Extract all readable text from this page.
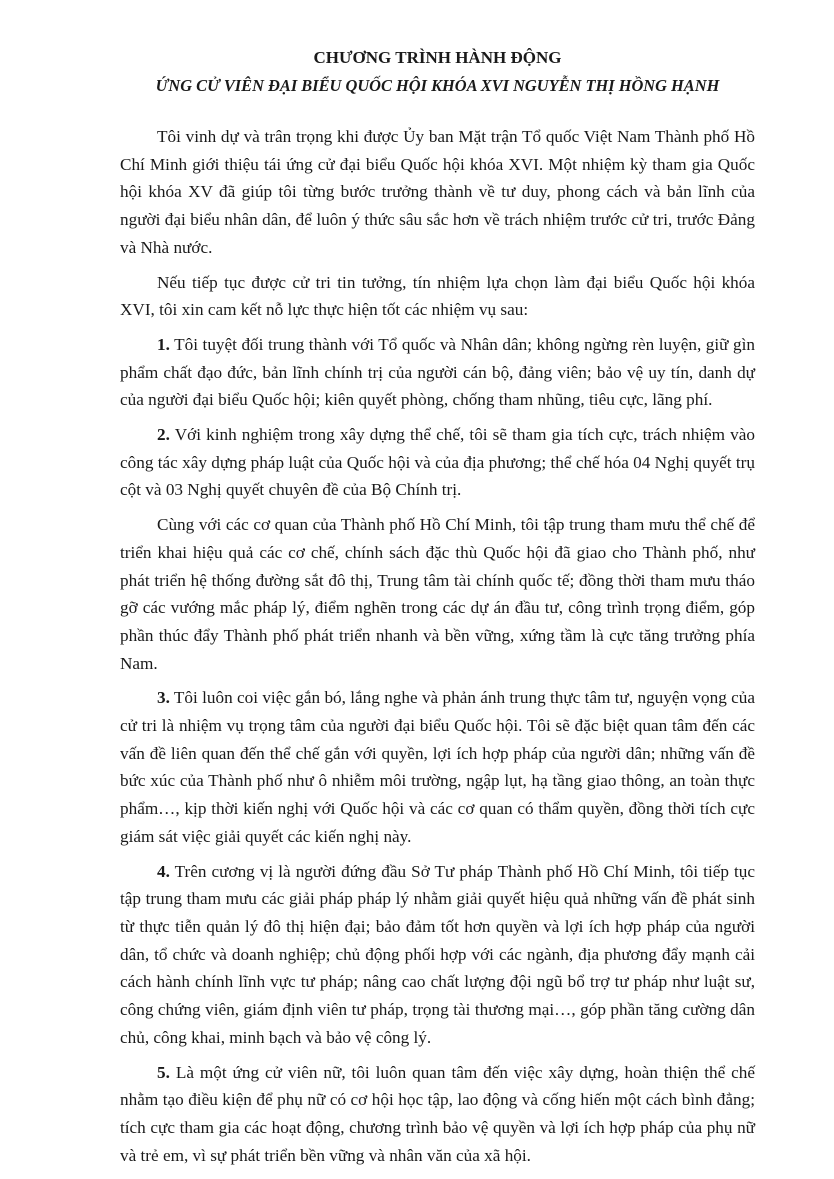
CHƯƠNG TRÌNH HÀNH ĐỘNG

ỨNG CỬ VIÊN ĐẠI BIỂU QUỐC HỘI KHÓA XVI NGUYỄN THỊ HỒNG HẠNH

Tôi vinh dự và trân trọng khi được Ủy ban Mặt trận Tổ quốc Việt Nam Thành phố Hồ Chí Minh giới thiệu tái ứng cử đại biểu Quốc hội khóa XVI. Một nhiệm kỳ tham gia Quốc hội khóa XV đã giúp tôi từng bước trưởng thành về tư duy, phong cách và bản lĩnh của người đại biểu nhân dân, để luôn ý thức sâu sắc hơn về trách nhiệm trước cử tri, trước Đảng và Nhà nước.

Nếu tiếp tục được cử tri tin tưởng, tín nhiệm lựa chọn làm đại biểu Quốc hội khóa XVI, tôi xin cam kết nỗ lực thực hiện tốt các nhiệm vụ sau:

1. Tôi tuyệt đối trung thành với Tổ quốc và Nhân dân; không ngừng rèn luyện, giữ gìn phẩm chất đạo đức, bản lĩnh chính trị của người cán bộ, đảng viên; bảo vệ uy tín, danh dự của người đại biểu Quốc hội; kiên quyết phòng, chống tham nhũng, tiêu cực, lãng phí.

2. Với kinh nghiệm trong xây dựng thể chế, tôi sẽ tham gia tích cực, trách nhiệm vào công tác xây dựng pháp luật của Quốc hội và của địa phương; thể chế hóa 04 Nghị quyết trụ cột và 03 Nghị quyết chuyên đề của Bộ Chính trị.

Cùng với các cơ quan của Thành phố Hồ Chí Minh, tôi tập trung tham mưu thể chế để triển khai hiệu quả các cơ chế, chính sách đặc thù Quốc hội đã giao cho Thành phố, như phát triển hệ thống đường sắt đô thị, Trung tâm tài chính quốc tế; đồng thời tham mưu tháo gỡ các vướng mắc pháp lý, điểm nghẽn trong các dự án đầu tư, công trình trọng điểm, góp phần thúc đẩy Thành phố phát triển nhanh và bền vững, xứng tầm là cực tăng trưởng phía Nam.

3. Tôi luôn coi việc gắn bó, lắng nghe và phản ánh trung thực tâm tư, nguyện vọng của cử tri là nhiệm vụ trọng tâm của người đại biểu Quốc hội. Tôi sẽ đặc biệt quan tâm đến các vấn đề liên quan đến thể chế gắn với quyền, lợi ích hợp pháp của người dân; những vấn đề bức xúc của Thành phố như ô nhiễm môi trường, ngập lụt, hạ tầng giao thông, an toàn thực phẩm…, kịp thời kiến nghị với Quốc hội và các cơ quan có thẩm quyền, đồng thời tích cực giám sát việc giải quyết các kiến nghị này.

4. Trên cương vị là người đứng đầu Sở Tư pháp Thành phố Hồ Chí Minh, tôi tiếp tục tập trung tham mưu các giải pháp pháp lý nhằm giải quyết hiệu quả những vấn đề phát sinh từ thực tiễn quản lý đô thị hiện đại; bảo đảm tốt hơn quyền và lợi ích hợp pháp của người dân, tổ chức và doanh nghiệp; chủ động phối hợp với các ngành, địa phương đẩy mạnh cải cách hành chính lĩnh vực tư pháp; nâng cao chất lượng đội ngũ bổ trợ tư pháp như luật sư, công chứng viên, giám định viên tư pháp, trọng tài thương mại…, góp phần tăng cường dân chủ, công khai, minh bạch và bảo vệ công lý.

5. Là một ứng cử viên nữ, tôi luôn quan tâm đến việc xây dựng, hoàn thiện thể chế nhằm tạo điều kiện để phụ nữ có cơ hội học tập, lao động và cống hiến một cách bình đẳng; tích cực tham gia các hoạt động, chương trình bảo vệ quyền và lợi ích hợp pháp của phụ nữ và trẻ em, vì sự phát triển bền vững và nhân văn của xã hội.
